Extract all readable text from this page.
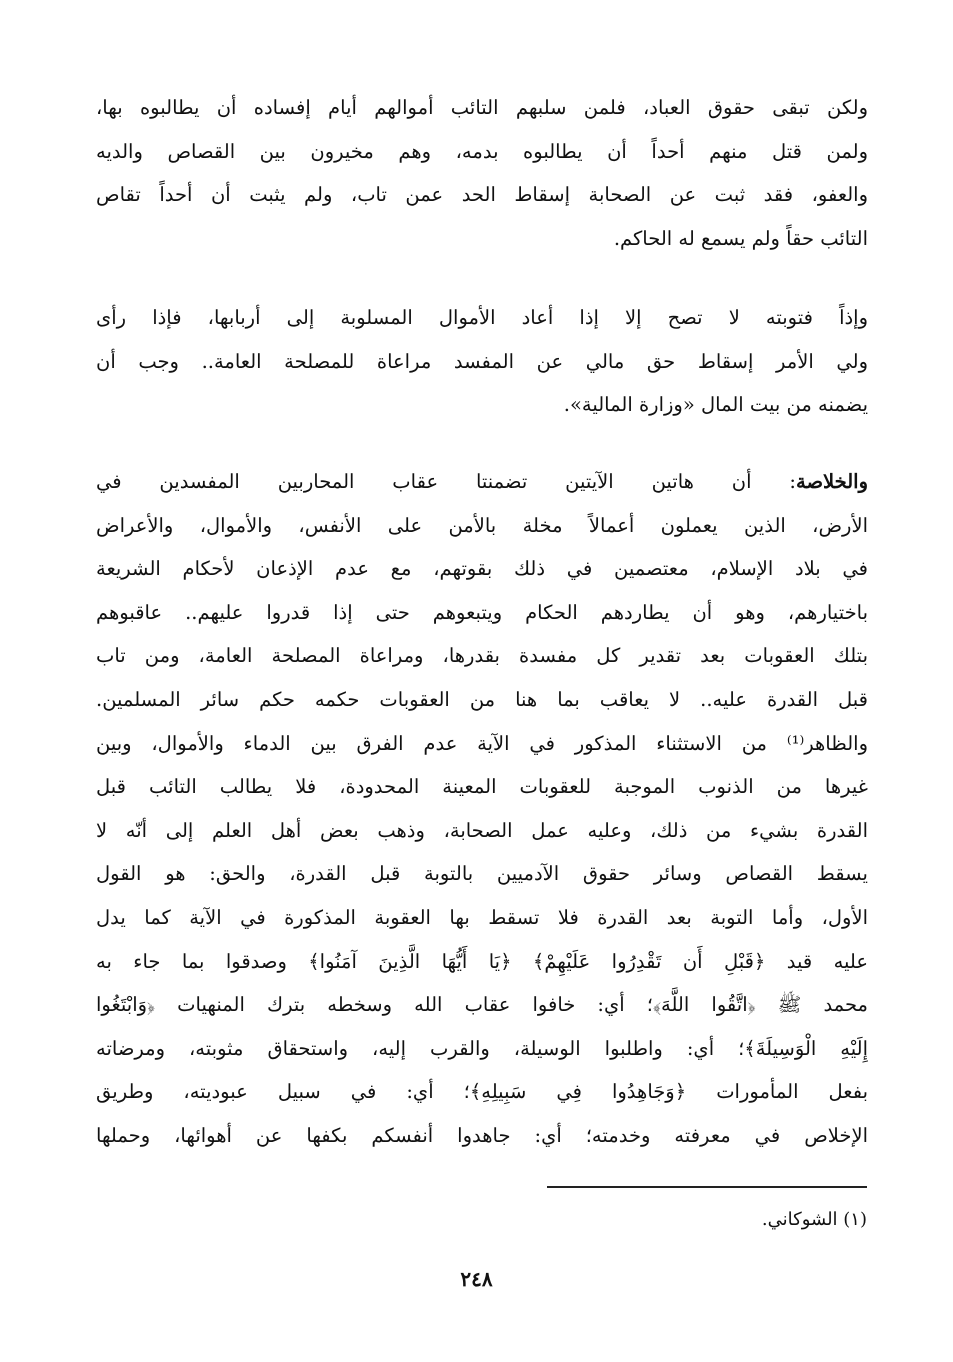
ولكن تبقى حقوق العباد، فلمن سلبهم التائب أموالهم أيام إفساده أن يطالبوه بها،
ولمن قتل منهم أحداً أن يطالبوه بدمه، وهم مخيرون بين القصاص والديه
والعفو، فقد ثبت عن الصحابة إسقاط الحد عمن تاب، ولم يثبت أن أحداً تقاص
التائب حقاً ولم يسمع له الحاكم.
وإذاً فتوبته لا تصح إلا إذا أعاد الأموال المسلوبة إلى أربابها، فإذا رأى
ولي الأمر إسقاط حق مالي عن المفسد مراعاة للمصلحة العامة.. وجب أن
يضمنه من بيت المال «وزارة المالية».
والخلاصة: أن هاتين الآيتين تضمنتا عقاب المحاربين المفسدين في
الأرض، الذين يعملون أعمالاً مخلة بالأمن على الأنفس، والأموال، والأعراض
في بلاد الإسلام، معتصمين في ذلك بقوتهم، مع عدم الإذعان لأحكام الشريعة
باختيارهم، وهو أن يطاردهم الحكام ويتبعوهم حتى إذا قدروا عليهم.. عاقبوهم
بتلك العقوبات بعد تقدير كل مفسدة بقدرها، ومراعاة المصلحة العامة، ومن تاب
قبل القدرة عليه.. لا يعاقب بما هنا من العقوبات حكمه حكم سائر المسلمين.
والظاهر⁽¹⁾ من الاستثناء المذكور في الآية عدم الفرق بين الدماء والأموال، وبين
غيرها من الذنوب الموجبة للعقوبات المعينة المحدودة، فلا يطالب التائب قبل
القدرة بشيء من ذلك، وعليه عمل الصحابة، وذهب بعض أهل العلم إلى أنّه لا
يسقط القصاص وسائر حقوق الآدميين بالتوبة قبل القدرة، والحق: هو القول
الأول، وأما التوبة بعد القدرة فلا تسقط بها العقوبة المذكورة في الآية كما يدل
عليه قيد ﴿قَبْلِ أَن تَقْدِرُوا عَلَيْهِمْ﴾ ﴿يَا أَيُّهَا الَّذِينَ آمَنُوا﴾ وصدقوا بما جاء به
محمد ﷺ ﴿اتَّقُوا اللَّهَ﴾؛ أي: خافوا عقاب الله وسخطه بترك المنهيات ﴿وَابْتَغُوا
إِلَيْهِ الْوَسِيلَةَ﴾؛ أي: واطلبوا الوسيلة، والقرب إليه، واستحقاق مثوبته، ومرضاته
بفعل المأمورات ﴿وَجَاهِدُوا فِي سَبِيلِهِ﴾؛ أي: في سبيل عبوديته، وطريق
الإخلاص في معرفته وخدمته؛ أي: جاهدوا أنفسكم بكفها عن أهوائها، وحملها
(١) الشوكاني.
٢٤٨
